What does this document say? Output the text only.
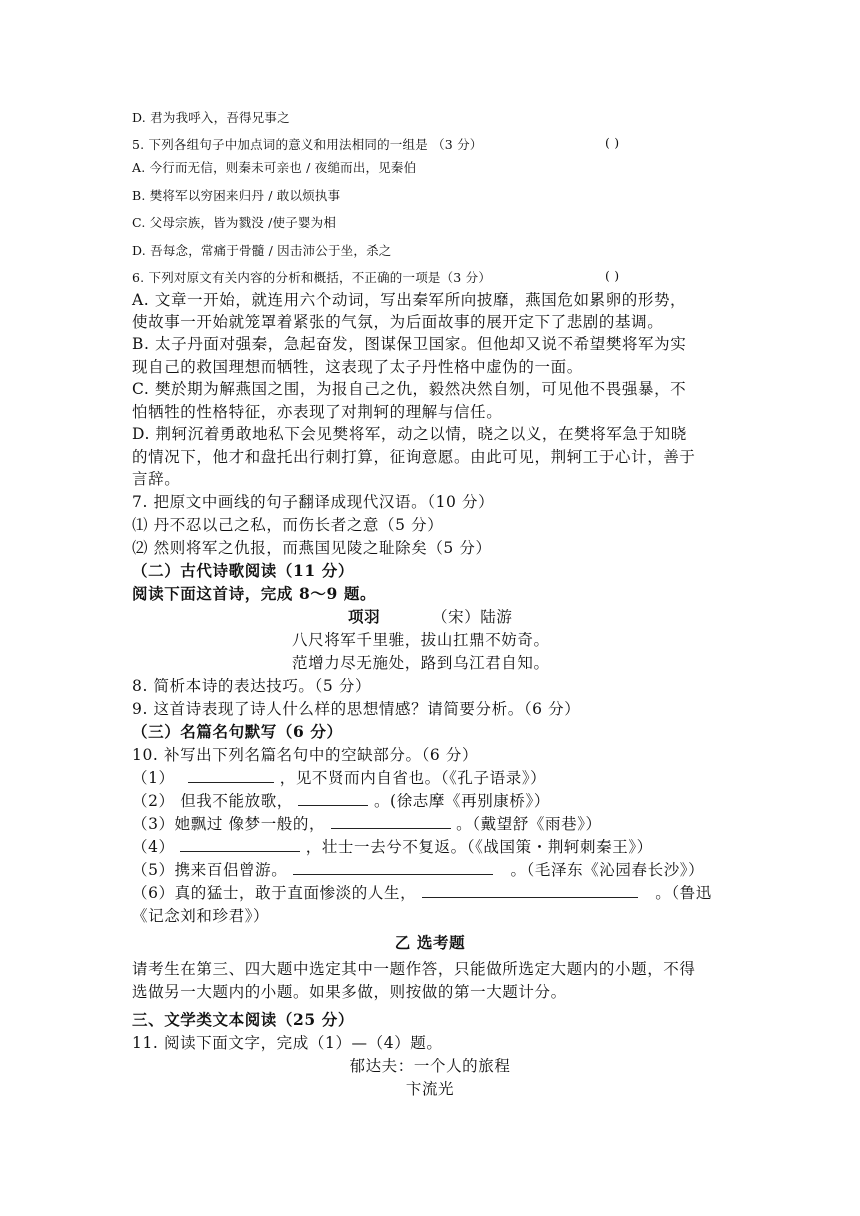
D. 君为我呼入，吾得兄事之
5. 下列各组句子中加点词的意义和用法相同的一组是 （3 分）	( )
A. 今行而无信，则秦未可亲也 / 夜缒而出，见秦伯
B. 樊将军以穷困来归丹 / 敢以烦执事
C. 父母宗族，皆为戮没 /使子婴为相
D. 吾每念，常痛于骨髓 / 因击沛公于坐，杀之
6. 下列对原文有关内容的分析和概括，不正确的一项是（3 分）	( )
A. 文章一开始，就连用六个动词，写出秦军所向披靡，燕国危如累卵的形势，
使故事一开始就笼罩着紧张的气氛，为后面故事的展开定下了悲剧的基调。
B. 太子丹面对强秦，急起奋发，图谋保卫国家。但他却又说不希望樊将军为实
现自己的救国理想而牺牲，这表现了太子丹性格中虚伪的一面。
C. 樊於期为解燕国之围，为报自己之仇，毅然决然自刎，可见他不畏强暴，不
怕牺牲的性格特征，亦表现了对荆轲的理解与信任。
D. 荆轲沉着勇敢地私下会见樊将军，动之以情，晓之以义，在樊将军急于知晓
的情况下，他才和盘托出行刺打算，征询意愿。由此可见，荆轲工于心计，善于
言辞。
7. 把原文中画线的句子翻译成现代汉语。（10 分）
⑴ 丹不忍以己之私，而伤长者之意（5 分）
⑵ 然则将军之仇报，而燕国见陵之耻除矣（5 分）
（二）古代诗歌阅读（11 分）
阅读下面这首诗，完成 8～9 题。
项羽	（宋）陆游
八尺将军千里骓，拔山扛鼎不妨奇。
范增力尽无施处，路到乌江君自知。
8. 简析本诗的表达技巧。（5 分）
9. 这首诗表现了诗人什么样的思想情感？请简要分析。（6 分）
（三）名篇名句默写（6 分）
10. 补写出下列名篇名句中的空缺部分。（6 分）
（1）	，见不贤而内自省也。（《孔子语录》）
（2） 但我不能放歌，	。(徐志摩《再别康桥》）
（3）她飘过 像梦一般的，	。（戴望舒《雨巷》）
（4）	，壮士一去兮不复返。（《战国策・荆轲刺秦王》）
（5）携来百侣曾游。	。（毛泽东《沁园春长沙》）
（6）真的猛士，敢于直面惨淡的人生，	。（鲁迅
《记念刘和珍君》）
乙 选考题
请考生在第三、四大题中选定其中一题作答，只能做所选定大题内的小题，不得
选做另一大题内的小题。如果多做，则按做的第一大题计分。
三、文学类文本阅读（25 分）
11. 阅读下面文字，完成（1）—（4）题。
郁达夫：一个人的旅程
卞流光
